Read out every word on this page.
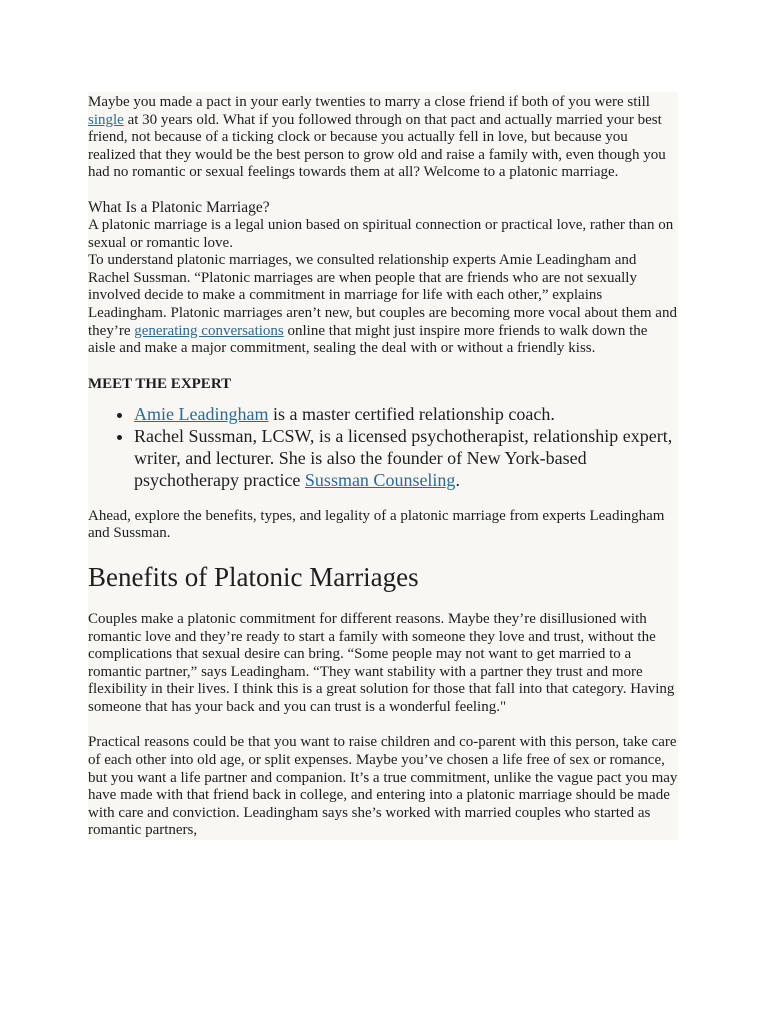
Maybe you made a pact in your early twenties to marry a close friend if both of you were still single at 30 years old. What if you followed through on that pact and actually married your best friend, not because of a ticking clock or because you actually fell in love, but because you realized that they would be the best person to grow old and raise a family with, even though you had no romantic or sexual feelings towards them at all? Welcome to a platonic marriage.

What Is a Platonic Marriage?

A platonic marriage is a legal union based on spiritual connection or practical love, rather than on sexual or romantic love.

To understand platonic marriages, we consulted relationship experts Amie Leadingham and Rachel Sussman. “Platonic marriages are when people that are friends who are not sexually involved decide to make a commitment in marriage for life with each other,” explains Leadingham. Platonic marriages aren’t new, but couples are becoming more vocal about them and they’re generating conversations online that might just inspire more friends to walk down the aisle and make a major commitment, sealing the deal with or without a friendly kiss.

MEET THE EXPERT

• Amie Leadingham is a master certified relationship coach.
• Rachel Sussman, LCSW, is a licensed psychotherapist, relationship expert, writer, and lecturer. She is also the founder of New York-based psychotherapy practice Sussman Counseling.

Ahead, explore the benefits, types, and legality of a platonic marriage from experts Leadingham and Sussman.

Benefits of Platonic Marriages

Couples make a platonic commitment for different reasons. Maybe they’re disillusioned with romantic love and they’re ready to start a family with someone they love and trust, without the complications that sexual desire can bring. “Some people may not want to get married to a romantic partner,” says Leadingham. “They want stability with a partner they trust and more flexibility in their lives. I think this is a great solution for those that fall into that category. Having someone that has your back and you can trust is a wonderful feeling."

Practical reasons could be that you want to raise children and co-parent with this person, take care of each other into old age, or split expenses. Maybe you’ve chosen a life free of sex or romance, but you want a life partner and companion. It’s a true commitment, unlike the vague pact you may have made with that friend back in college, and entering into a platonic marriage should be made with care and conviction. Leadingham says she’s worked with married couples who started as romantic partners,
